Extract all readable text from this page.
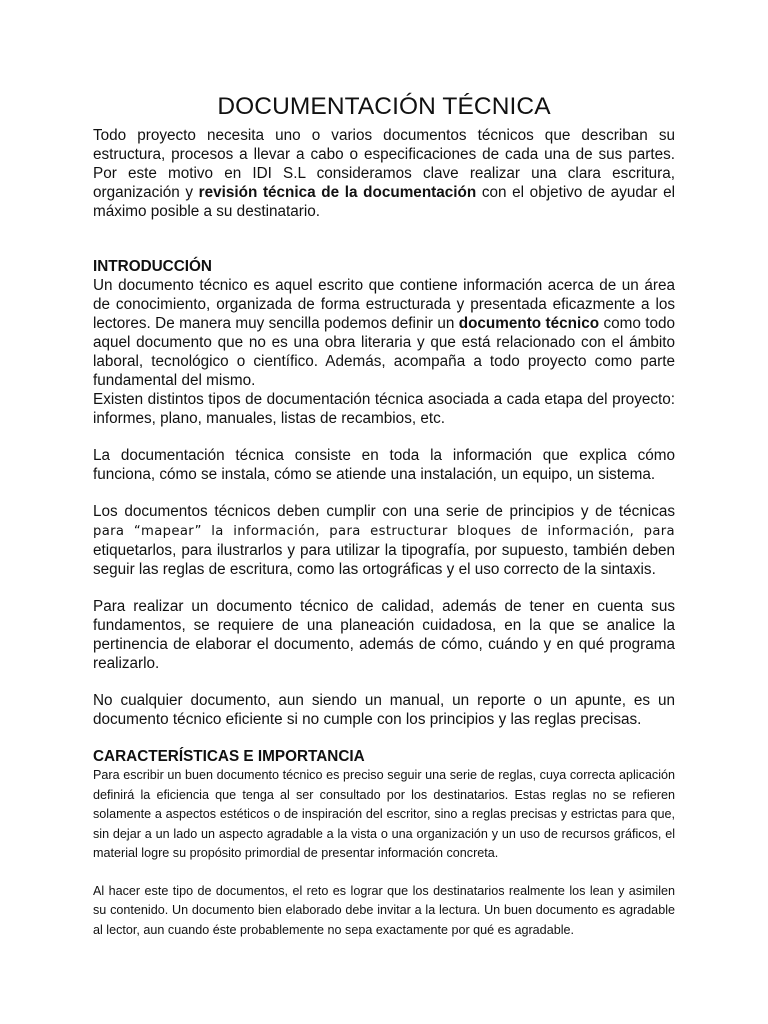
DOCUMENTACIÓN TÉCNICA

Todo proyecto necesita uno o varios documentos técnicos que describan su estructura, procesos a llevar a cabo o especificaciones de cada una de sus partes. Por este motivo en IDI S.L consideramos clave realizar una clara escritura, organización y revisión técnica de la documentación con el objetivo de ayudar el máximo posible a su destinatario.

INTRODUCCIÓN

Un documento técnico es aquel escrito que contiene información acerca de un área de conocimiento, organizada de forma estructurada y presentada eficazmente a los lectores. De manera muy sencilla podemos definir un documento técnico como todo aquel documento que no es una obra literaria y que está relacionado con el ámbito laboral, tecnológico o científico. Además, acompaña a todo proyecto como parte fundamental del mismo.

Existen distintos tipos de documentación técnica asociada a cada etapa del proyecto: informes, plano, manuales, listas de recambios, etc.

La documentación técnica consiste en toda la información que explica cómo funciona, cómo se instala, cómo se atiende una instalación, un equipo, un sistema.

Los documentos técnicos deben cumplir con una serie de principios y de técnicas para “mapear” la información, para estructurar bloques de información, para etiquetarlos, para ilustrarlos y para utilizar la tipografía, por supuesto, también deben seguir las reglas de escritura, como las ortográficas y el uso correcto de la sintaxis.

Para realizar un documento técnico de calidad, además de tener en cuenta sus fundamentos, se requiere de una planeación cuidadosa, en la que se analice la pertinencia de elaborar el documento, además de cómo, cuándo y en qué programa realizarlo.

No cualquier documento, aun siendo un manual, un reporte o un apunte, es un documento técnico eficiente si no cumple con los principios y las reglas precisas.

CARACTERÍSTICAS E IMPORTANCIA

Para escribir un buen documento técnico es preciso seguir una serie de reglas, cuya correcta aplicación definirá la eficiencia que tenga al ser consultado por los destinatarios. Estas reglas no se refieren solamente a aspectos estéticos o de inspiración del escritor, sino a reglas precisas y estrictas para que, sin dejar a un lado un aspecto agradable a la vista o una organización y un uso de recursos gráficos, el material logre su propósito primordial de presentar información concreta.

Al hacer este tipo de documentos, el reto es lograr que los destinatarios realmente los lean y asimilen su contenido. Un documento bien elaborado debe invitar a la lectura. Un buen documento es agradable al lector, aun cuando éste probablemente no sepa exactamente por qué es agradable.
